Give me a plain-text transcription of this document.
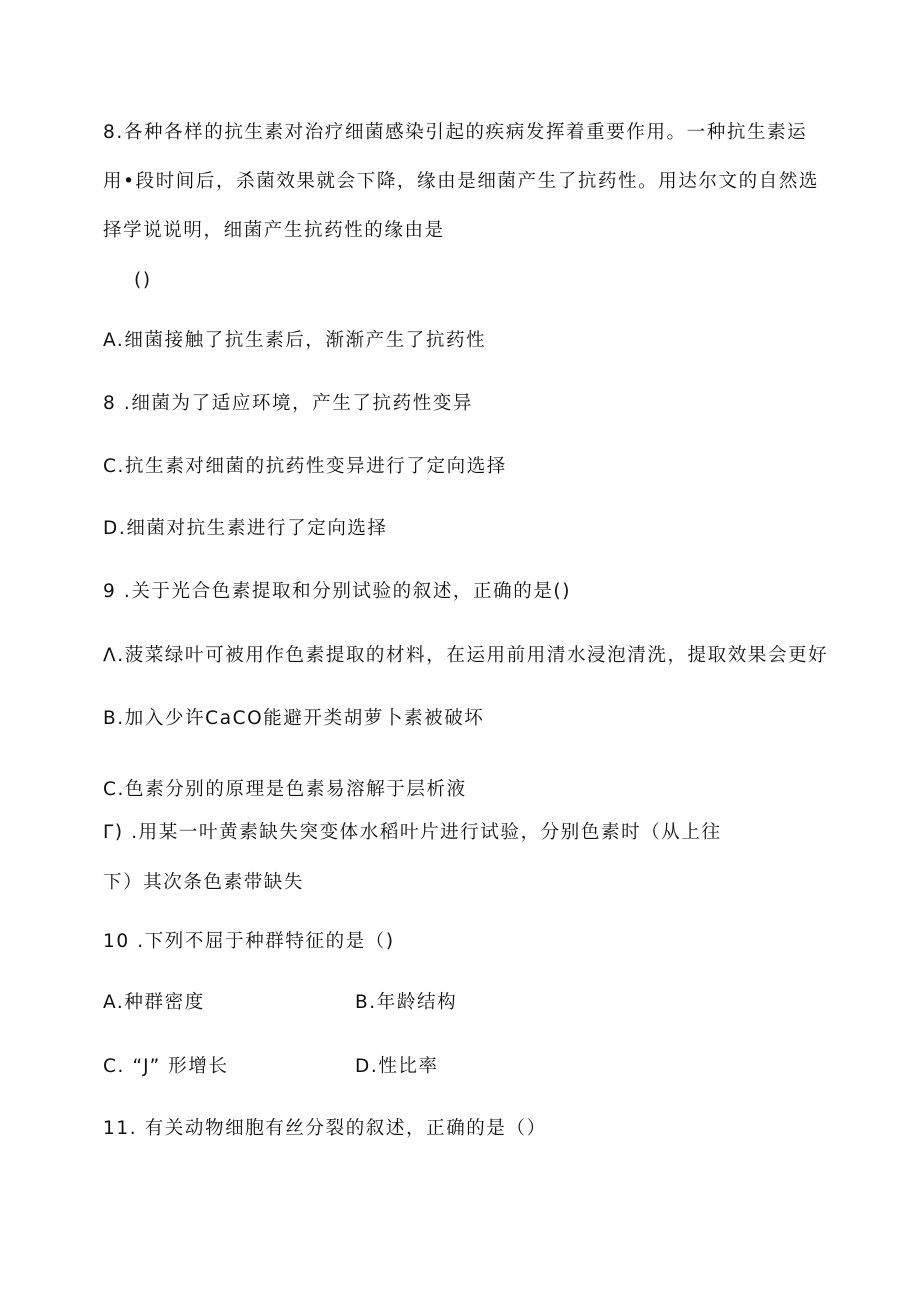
8.各种各样的抗生素对治疗细菌感染引起的疾病发挥着重要作用。一种抗生素运
用•段时间后，杀菌效果就会下降，缘由是细菌产生了抗药性。用达尔文的自然选
择学说说明，细菌产生抗药性的缘由是
()
A.细菌接触了抗生素后，渐渐产生了抗药性
8 .细菌为了适应环境，产生了抗药性变异
C.抗生素对细菌的抗药性变异进行了定向选择
D.细菌对抗生素进行了定向选择
9 .关于光合色素提取和分别试验的叙述，正确的是()
Λ.菠菜绿叶可被用作色素提取的材料，在运用前用清水浸泡清洗，提取效果会更好
B.加入少许CaCO能避开类胡萝卜素被破坏
C.色素分别的原理是色素易溶解于层析液
Γ) .用某一叶黄素缺失突变体水稻叶片进行试验，分别色素时（从上往
下）其次条色素带缺失
10 .下列不屈于种群特征的是（)
A.种群密度	B.年龄结构
C. “J” 形增长	D.性比率
11. 有关动物细胞有丝分裂的叙述，正确的是（）
